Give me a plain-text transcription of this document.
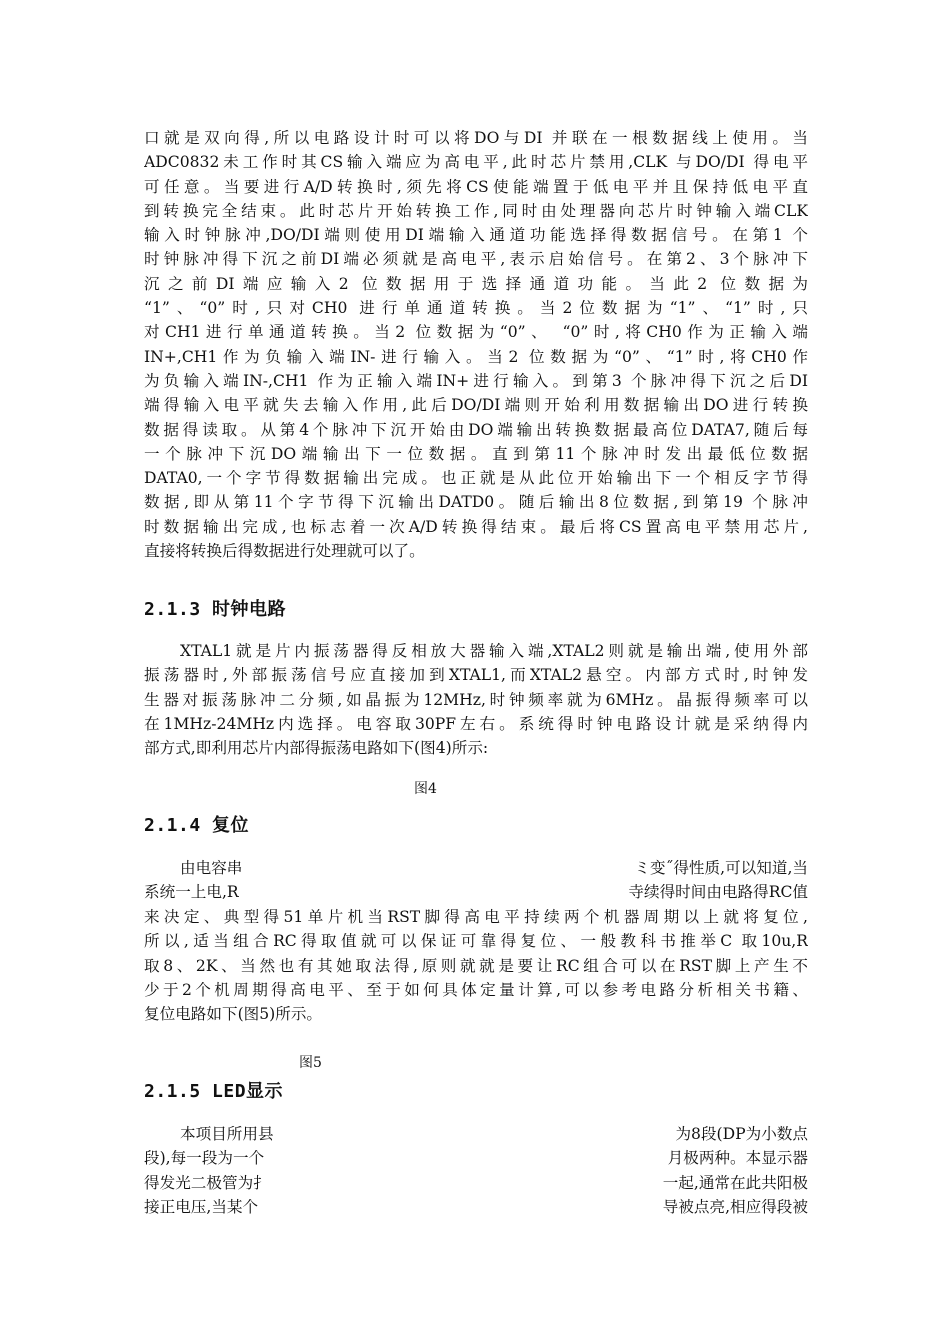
口就是双向得,所以电路设计时可以将DO与DI 并联在一根数据线上使用。当
ADC0832未工作时其CS输入端应为高电平,此时芯片禁用,CLK 与DO/DI 得电平
可任意。当要进行A/D转换时,须先将CS使能端置于低电平并且保持低电平直
到转换完全结束。此时芯片开始转换工作,同时由处理器向芯片时钟输入端CLK
输入时钟脉冲,DO/DI端则使用DI端输入通道功能选择得数据信号。在第1 个
时钟脉冲得下沉之前DI端必须就是高电平,表示启始信号。在第2、3个脉冲下
沉之前DI端应输入2 位数据用于选择通道功能。当此2 位数据为
“1”、“0”时,只对CH0 进行单通道转换。当2位数据为“1”、“1”时,只
对CH1进行单通道转换。当2 位数据为“0”、 “0”时,将CH0作为正输入端
IN+,CH1作为负输入端IN-进行输入。当2 位数据为“0”、“1”时,将CH0作
为负输入端IN-,CH1 作为正输入端IN+进行输入。到第3 个脉冲得下沉之后DI
端得输入电平就失去输入作用,此后DO/DI端则开始利用数据输出DO进行转换
数据得读取。从第4个脉冲下沉开始由DO端输出转换数据最高位DATA7,随后每
一个脉冲下沉DO端输出下一位数据。直到第11个脉冲时发出最低位数据
DATA0,一个字节得数据输出完成。也正就是从此位开始输出下一个相反字节得
数据,即从第11个字节得下沉输出DATD0。随后输出8位数据,到第19 个脉冲
时数据输出完成,也标志着一次A/D转换得结束。最后将CS置高电平禁用芯片,
直接将转换后得数据进行处理就可以了。
2.1.3 时钟电路
XTAL1就是片内振荡器得反相放大器输入端,XTAL2则就是输出端,使用外部
振荡器时,外部振荡信号应直接加到XTAL1,而XTAL2悬空。内部方式时,时钟发
生器对振荡脉冲二分频,如晶振为12MHz,时钟频率就为6MHz。晶振得频率可以
在1MHz-24MHz内选择。电容取30PF左右。系统得时钟电路设计就是采纳得内
部方式,即利用芯片内部得振荡电路如下(图4)所示:
图4
2.1.4 复位
由电容串	ミ变˝得性质,可以知道,当
系统一上电,R	寺续得时间由电路得RC值
来决定、典型得51单片机当RST脚得高电平持续两个机器周期以上就将复位,
所以,适当组合RC得取值就可以保证可靠得复位、一般教科书推举C 取10u,R
取8、2K、当然也有其她取法得,原则就就是要让RC组合可以在RST脚上产生不
少于2个机周期得高电平、至于如何具体定量计算,可以参考电路分析相关书籍、
复位电路如下(图5)所示。
图5
2.1.5 LED显示
本项目所用县	为8段(DP为小数点
段),每一段为一个	月极两种。本显示器
得发光二极管为扌	一起,通常在此共阳极
接正电压,当某个	导被点亮,相应得段被
